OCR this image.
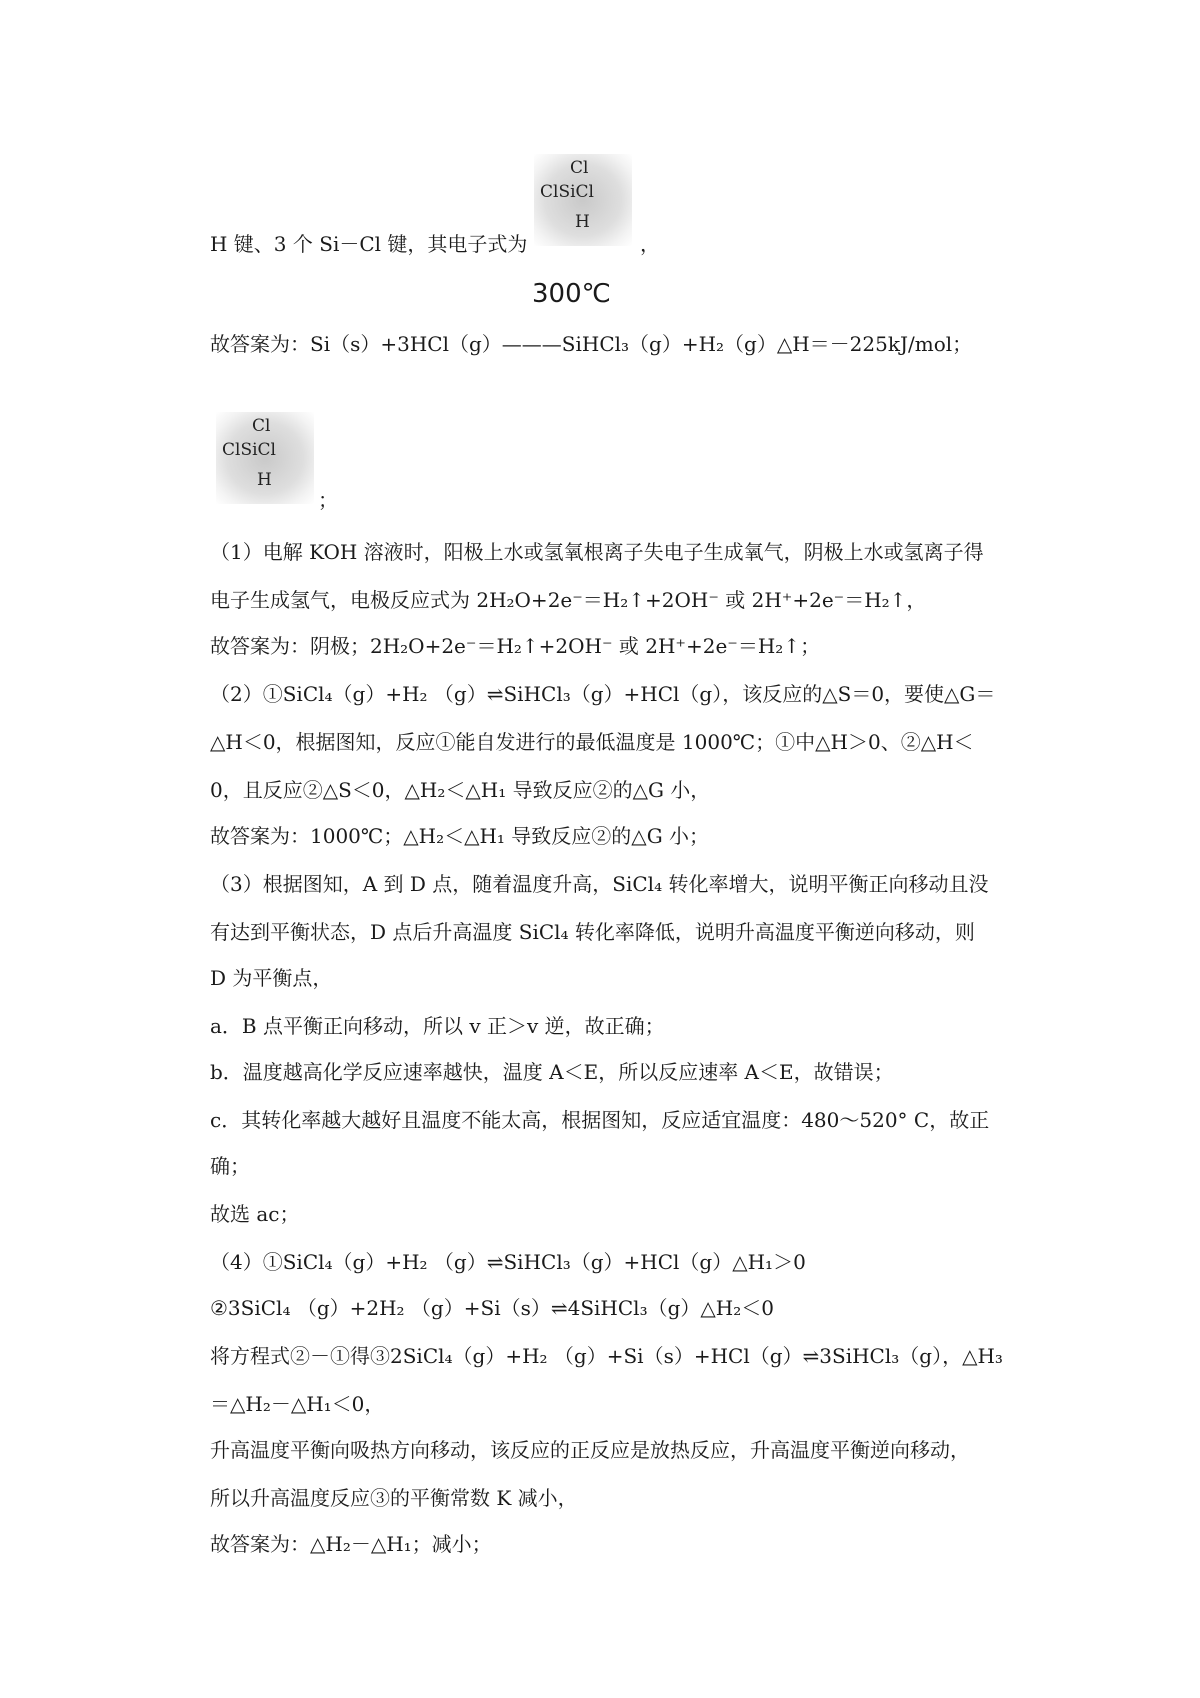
Cl
ClSiCl
H
H 键、3 个 Si－Cl 键，其电子式为	，
300℃
故答案为：Si（s）+3HCl（g）———SiHCl₃（g）+H₂（g）△H＝－225kJ/mol；
Cl
ClSiCl
H
；
（1）电解 KOH 溶液时，阳极上水或氢氧根离子失电子生成氧气，阴极上水或氢离子得
电子生成氢气，电极反应式为 2H₂O+2e⁻＝H₂↑+2OH⁻ 或 2H⁺+2e⁻＝H₂↑，
故答案为：阴极；2H₂O+2e⁻＝H₂↑+2OH⁻ 或 2H⁺+2e⁻＝H₂↑；
（2）①SiCl₄（g）+H₂ （g）⇌SiHCl₃（g）+HCl（g），该反应的△S＝0，要使△G＝
△H＜0，根据图知，反应①能自发进行的最低温度是 1000℃；①中△H＞0、②△H＜
0，且反应②△S＜0，△H₂＜△H₁ 导致反应②的△G 小，
故答案为：1000℃；△H₂＜△H₁ 导致反应②的△G 小；
（3）根据图知，A 到 D 点，随着温度升高，SiCl₄ 转化率增大，说明平衡正向移动且没
有达到平衡状态，D 点后升高温度 SiCl₄ 转化率降低，说明升高温度平衡逆向移动，则
D 为平衡点，
a．B 点平衡正向移动，所以 v 正＞v 逆，故正确；
b．温度越高化学反应速率越快，温度 A＜E，所以反应速率 A＜E，故错误；
c．其转化率越大越好且温度不能太高，根据图知，反应适宜温度：480～520° C，故正
确；
故选 ac；
（4）①SiCl₄（g）+H₂ （g）⇌SiHCl₃（g）+HCl（g）△H₁＞0
②3SiCl₄ （g）+2H₂ （g）+Si（s）⇌4SiHCl₃（g）△H₂＜0
将方程式②－①得③2SiCl₄（g）+H₂ （g）+Si（s）+HCl（g）⇌3SiHCl₃（g），△H₃
＝△H₂－△H₁＜0，
升高温度平衡向吸热方向移动，该反应的正反应是放热反应，升高温度平衡逆向移动，
所以升高温度反应③的平衡常数 K 减小，
故答案为：△H₂－△H₁；减小；
